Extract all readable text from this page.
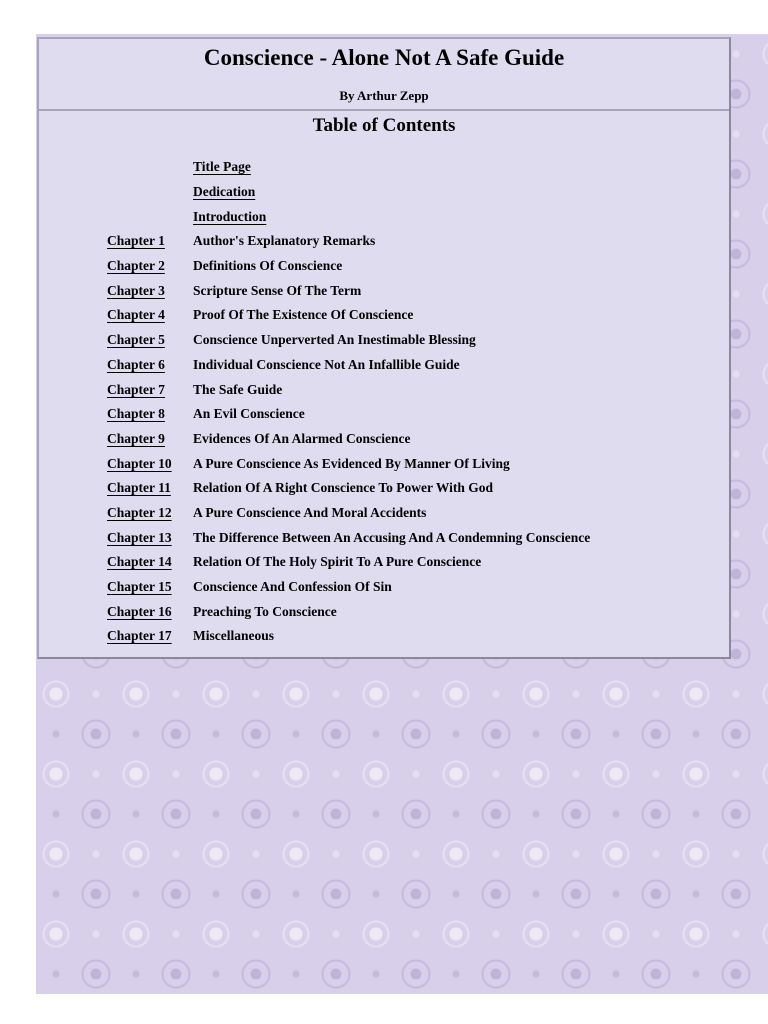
Conscience - Alone Not A Safe Guide
By Arthur Zepp
Table of Contents
	Title Page
	Dedication
	Introduction
Chapter 1	Author's Explanatory Remarks
Chapter 2	Definitions Of Conscience
Chapter 3	Scripture Sense Of The Term
Chapter 4	Proof Of The Existence Of Conscience
Chapter 5	Conscience Unperverted An Inestimable Blessing
Chapter 6	Individual Conscience Not An Infallible Guide
Chapter 7	The Safe Guide
Chapter 8	An Evil Conscience
Chapter 9	Evidences Of An Alarmed Conscience
Chapter 10	A Pure Conscience As Evidenced By Manner Of Living
Chapter 11	Relation Of A Right Conscience To Power With God
Chapter 12	A Pure Conscience And Moral Accidents
Chapter 13	The Difference Between An Accusing And A Condemning Conscience
Chapter 14	Relation Of The Holy Spirit To A Pure Conscience
Chapter 15	Conscience And Confession Of Sin
Chapter 16	Preaching To Conscience
Chapter 17	Miscellaneous
